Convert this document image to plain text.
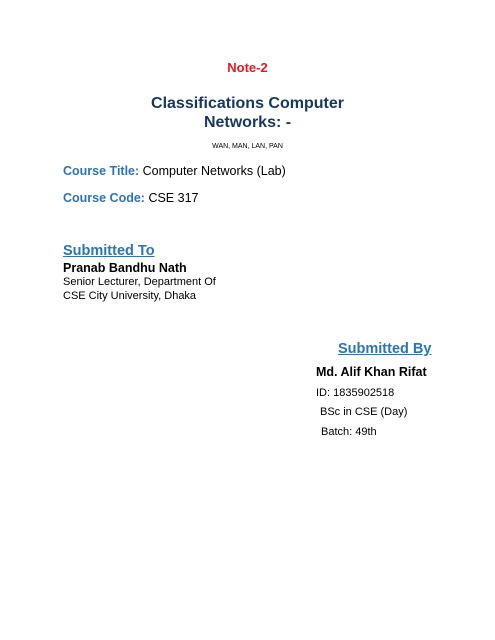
Note-2
Classifications Computer
Networks: -
WAN, MAN, LAN, PAN
Course Title: Computer Networks (Lab)
Course Code: CSE 317
Submitted To
Pranab Bandhu Nath
Senior Lecturer, Department Of
CSE City University, Dhaka
Submitted By
Md. Alif Khan Rifat
ID: 1835902518
BSc in CSE (Day)
Batch: 49th
